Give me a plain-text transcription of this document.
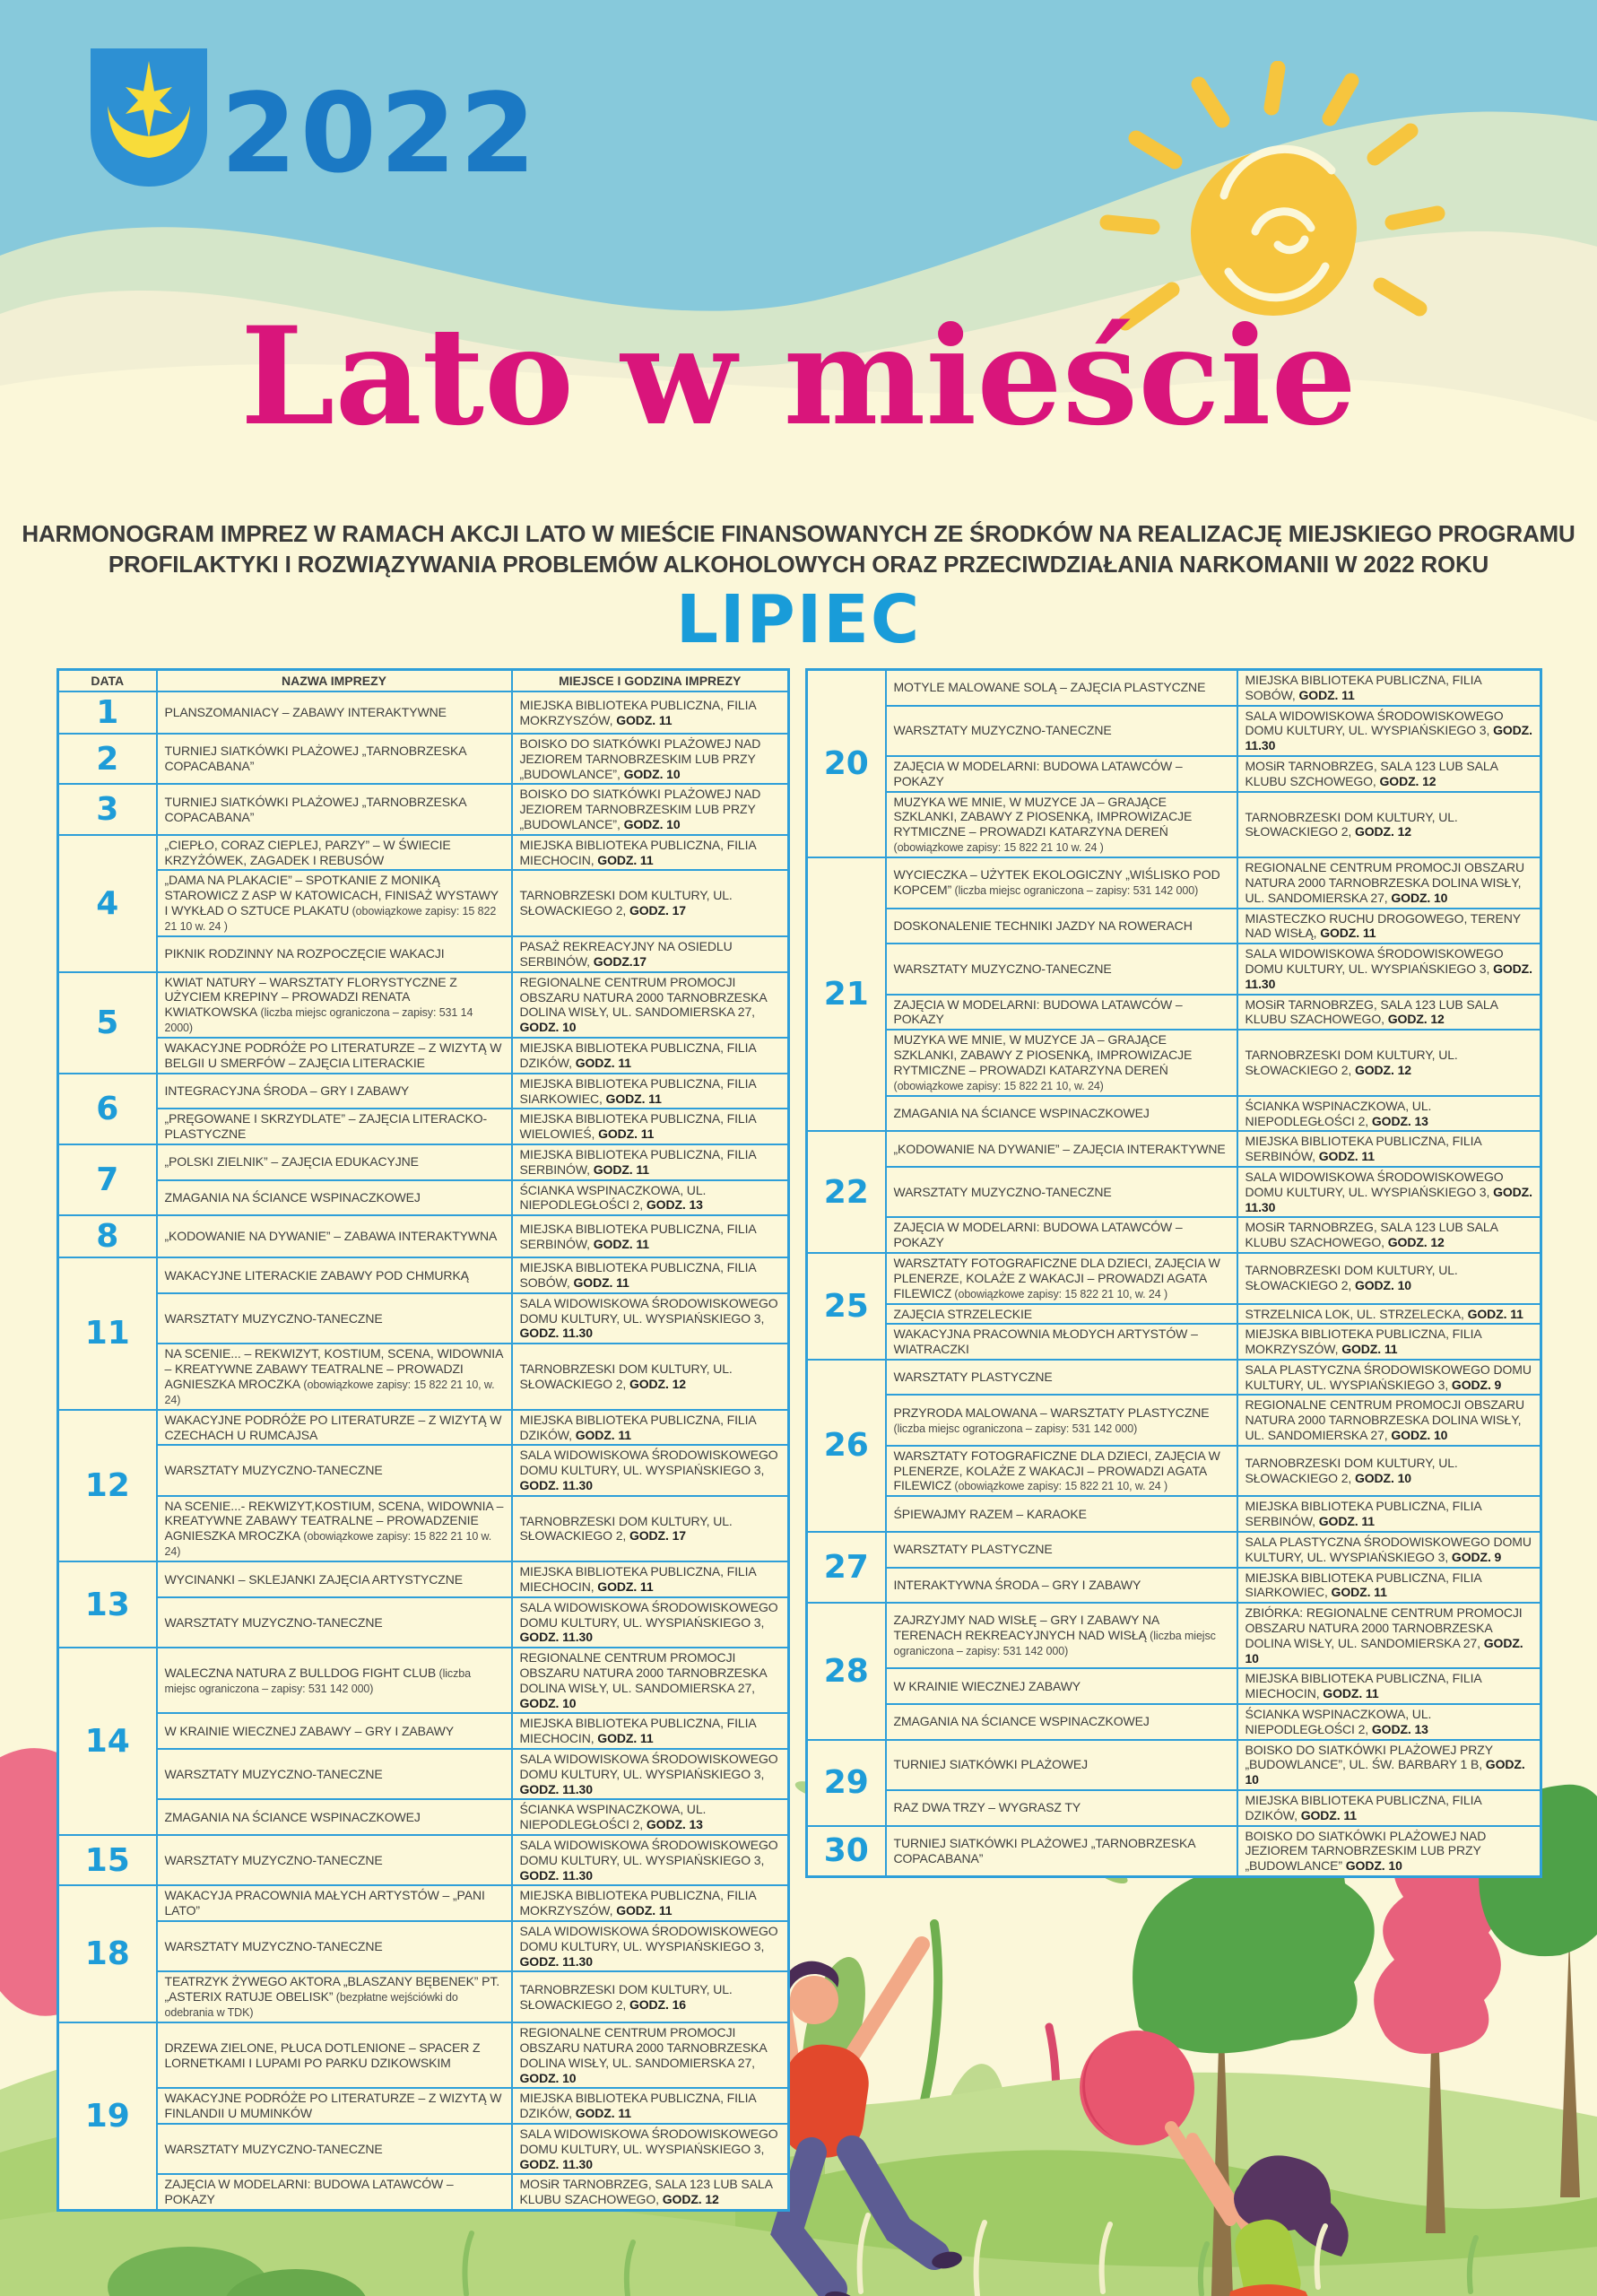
2022
Lato w mieście
HARMONOGRAM IMPREZ W RAMACH AKCJI LATO W MIEŚCIE FINANSOWANYCH ZE ŚRODKÓW NA REALIZACJĘ MIEJSKIEGO PROGRAMU
PROFILAKTYKI I ROZWIĄZYWANIA PROBLEMÓW ALKOHOLOWYCH ORAZ PRZECIWDZIAŁANIA NARKOMANII W 2022 ROKU
LIPIEC
DATA	NAZWA IMPREZY	MIEJSCE I GODZINA IMPREZY
1	PLANSZOMANIACY – ZABAWY INTERAKTYWNE	MIEJSKA BIBLIOTEKA PUBLICZNA, FILIA MOKRZYSZÓW, GODZ. 11
2	TURNIEJ SIATKÓWKI PLAŻOWEJ „TARNOBRZESKA COPACABANA”	BOISKO DO SIATKÓWKI PLAŻOWEJ NAD JEZIOREM TARNOBRZESKIM LUB PRZY „BUDOWLANCE”, GODZ. 10
3	TURNIEJ SIATKÓWKI PLAŻOWEJ „TARNOBRZESKA COPACABANA”	BOISKO DO SIATKÓWKI PLAŻOWEJ NAD JEZIOREM TARNOBRZESKIM LUB PRZY „BUDOWLANCE”, GODZ. 10
4	„CIEPŁO, CORAZ CIEPLEJ, PARZY” – W ŚWIECIE KRZYŻÓWEK, ZAGADEK I REBUSÓW	MIEJSKA BIBLIOTEKA PUBLICZNA, FILIA MIECHOCIN, GODZ. 11
	„DAMA NA PLAKACIE” – SPOTKANIE Z MONIKĄ STAROWICZ Z ASP W KATOWICACH, FINISAŻ WYSTAWY I WYKŁAD O SZTUCE PLAKATU (obowiązkowe zapisy: 15 822 21 10 w. 24 )	TARNOBRZESKI DOM KULTURY, UL. SŁOWACKIEGO 2, GODZ. 17
	PIKNIK RODZINNY NA ROZPOCZĘCIE WAKACJI	PASAŻ REKREACYJNY NA OSIEDLU SERBINÓW, GODZ.17
5	KWIAT NATURY – WARSZTATY FLORYSTYCZNE Z UŻYCIEM KREPINY – PROWADZI RENATA KWIATKOWSKA (liczba miejsc ograniczona – zapisy: 531 14 2000)	REGIONALNE CENTRUM PROMOCJI OBSZARU NATURA 2000 TARNOBRZESKA DOLINA WISŁY, UL. SANDOMIERSKA 27, GODZ. 10
	WAKACYJNE PODRÓŻE PO LITERATURZE – Z WIZYTĄ W BELGII U SMERFÓW – ZAJĘCIA LITERACKIE	MIEJSKA BIBLIOTEKA PUBLICZNA, FILIA DZIKÓW, GODZ. 11
6	INTEGRACYJNA ŚRODA – GRY I ZABAWY	MIEJSKA BIBLIOTEKA PUBLICZNA, FILIA SIARKOWIEC, GODZ. 11
	„PRĘGOWANE I SKRZYDLATE” – ZAJĘCIA LITERACKO-PLASTYCZNE	MIEJSKA BIBLIOTEKA PUBLICZNA, FILIA WIELOWIEŚ, GODZ. 11
7	„POLSKI ZIELNIK” – ZAJĘCIA EDUKACYJNE	MIEJSKA BIBLIOTEKA PUBLICZNA, FILIA SERBINÓW, GODZ. 11
	ZMAGANIA NA ŚCIANCE WSPINACZKOWEJ	ŚCIANKA WSPINACZKOWA, UL. NIEPODLEGŁOŚCI 2, GODZ. 13
8	„KODOWANIE NA DYWANIE” – ZABAWA INTERAKTYWNA	MIEJSKA BIBLIOTEKA PUBLICZNA, FILIA SERBINÓW, GODZ. 11
11	WAKACYJNE LITERACKIE ZABAWY POD CHMURKĄ	MIEJSKA BIBLIOTEKA PUBLICZNA, FILIA SOBÓW, GODZ. 11
	WARSZTATY MUZYCZNO-TANECZNE	SALA WIDOWISKOWA ŚRODOWISKOWEGO DOMU KULTURY, UL. WYSPIAŃSKIEGO 3, GODZ. 11.30
	NA SCENIE... – REKWIZYT, KOSTIUM, SCENA, WIDOWNIA – KREATYWNE ZABAWY TEATRALNE – PROWADZI AGNIESZKA MROCZKA (obowiązkowe zapisy: 15 822 21 10, w. 24)	TARNOBRZESKI DOM KULTURY, UL. SŁOWACKIEGO 2, GODZ. 12
12	WAKACYJNE PODRÓŻE PO LITERATURZE – Z WIZYTĄ W CZECHACH U RUMCAJSA	MIEJSKA BIBLIOTEKA PUBLICZNA, FILIA DZIKÓW, GODZ. 11
	WARSZTATY MUZYCZNO-TANECZNE	SALA WIDOWISKOWA ŚRODOWISKOWEGO DOMU KULTURY, UL. WYSPIAŃSKIEGO 3, GODZ. 11.30
	NA SCENIE...- REKWIZYT,KOSTIUM, SCENA, WIDOWNIA – KREATYWNE ZABAWY TEATRALNE – PROWADZENIE AGNIESZKA MROCZKA (obowiązkowe zapisy: 15 822 21 10 w. 24)	TARNOBRZESKI DOM KULTURY, UL. SŁOWACKIEGO 2, GODZ. 17
13	WYCINANKI – SKLEJANKI ZAJĘCIA ARTYSTYCZNE	MIEJSKA BIBLIOTEKA PUBLICZNA, FILIA MIECHOCIN, GODZ. 11
	WARSZTATY MUZYCZNO-TANECZNE	SALA WIDOWISKOWA ŚRODOWISKOWEGO DOMU KULTURY, UL. WYSPIAŃSKIEGO 3, GODZ. 11.30
14	WALECZNA NATURA Z BULLDOG FIGHT CLUB (liczba miejsc ograniczona – zapisy: 531 142 000)	REGIONALNE CENTRUM PROMOCJI OBSZARU NATURA 2000 TARNOBRZESKA DOLINA WISŁY, UL. SANDOMIERSKA 27, GODZ. 10
	W KRAINIE WIECZNEJ ZABAWY – GRY I ZABAWY	MIEJSKA BIBLIOTEKA PUBLICZNA, FILIA MIECHOCIN, GODZ. 11
	WARSZTATY MUZYCZNO-TANECZNE	SALA WIDOWISKOWA ŚRODOWISKOWEGO DOMU KULTURY, UL. WYSPIAŃSKIEGO 3, GODZ. 11.30
	ZMAGANIA NA ŚCIANCE WSPINACZKOWEJ	ŚCIANKA WSPINACZKOWA, UL. NIEPODLEGŁOŚCI 2, GODZ. 13
15	WARSZTATY MUZYCZNO-TANECZNE	SALA WIDOWISKOWA ŚRODOWISKOWEGO DOMU KULTURY, UL. WYSPIAŃSKIEGO 3, GODZ. 11.30
18	WAKACYJA PRACOWNIA MAŁYCH ARTYSTÓW – „PANI LATO”	MIEJSKA BIBLIOTEKA PUBLICZNA, FILIA MOKRZYSZÓW, GODZ. 11
	WARSZTATY MUZYCZNO-TANECZNE	SALA WIDOWISKOWA ŚRODOWISKOWEGO DOMU KULTURY, UL. WYSPIAŃSKIEGO 3, GODZ. 11.30
	TEATRZYK ŻYWEGO AKTORA „BLASZANY BĘBENEK” PT. „ASTERIX RATUJE OBELISK” (bezpłatne wejściówki do odebrania w TDK)	TARNOBRZESKI DOM KULTURY, UL. SŁOWACKIEGO 2, GODZ. 16
19	DRZEWA ZIELONE, PŁUCA DOTLENIONE – SPACER Z LORNETKAMI I LUPAMI PO PARKU DZIKOWSKIM	REGIONALNE CENTRUM PROMOCJI OBSZARU NATURA 2000 TARNOBRZESKA DOLINA WISŁY, UL. SANDOMIERSKA 27, GODZ. 10
	WAKACYJNE PODRÓŻE PO LITERATURZE – Z WIZYTĄ W FINLANDII U MUMINKÓW	MIEJSKA BIBLIOTEKA PUBLICZNA, FILIA DZIKÓW, GODZ. 11
	WARSZTATY MUZYCZNO-TANECZNE	SALA WIDOWISKOWA ŚRODOWISKOWEGO DOMU KULTURY, UL. WYSPIAŃSKIEGO 3, GODZ. 11.30
	ZAJĘCIA W MODELARNI: BUDOWA LATAWCÓW – POKAZY	MOSiR TARNOBRZEG, SALA 123 LUB SALA KLUBU SZACHOWEGO, GODZ. 12
20	MOTYLE MALOWANE SOLĄ – ZAJĘCIA PLASTYCZNE	MIEJSKA BIBLIOTEKA PUBLICZNA, FILIA SOBÓW, GODZ. 11
	WARSZTATY MUZYCZNO-TANECZNE	SALA WIDOWISKOWA ŚRODOWISKOWEGO DOMU KULTURY, UL. WYSPIAŃSKIEGO 3, GODZ. 11.30
	ZAJĘCIA W MODELARNI: BUDOWA LATAWCÓW – POKAZY	MOSiR TARNOBRZEG, SALA 123 LUB SALA KLUBU SZCHOWEGO, GODZ. 12
	MUZYKA WE MNIE, W MUZYCE JA – GRAJĄCE SZKLANKI, ZABAWY Z PIOSENKĄ, IMPROWIZACJE RYTMICZNE – PROWADZI KATARZYNA DEREŃ (obowiązkowe zapisy: 15 822 21 10 w. 24 )	TARNOBRZESKI DOM KULTURY, UL. SŁOWACKIEGO 2, GODZ. 12
21	WYCIECZKA – UŻYTEK EKOLOGICZNY „WIŚLISKO POD KOPCEM” (liczba miejsc ograniczona – zapisy: 531 142 000)	REGIONALNE CENTRUM PROMOCJI OBSZARU NATURA 2000 TARNOBRZESKA DOLINA WISŁY, UL. SANDOMIERSKA 27, GODZ. 10
	DOSKONALENIE TECHNIKI JAZDY NA ROWERACH	MIASTECZKO RUCHU DROGOWEGO, TERENY NAD WISŁĄ, GODZ. 11
	WARSZTATY MUZYCZNO-TANECZNE	SALA WIDOWISKOWA ŚRODOWISKOWEGO DOMU KULTURY, UL. WYSPIAŃSKIEGO 3, GODZ. 11.30
	ZAJĘCIA W MODELARNI: BUDOWA LATAWCÓW – POKAZY	MOSiR TARNOBRZEG, SALA 123 LUB SALA KLUBU SZACHOWEGO, GODZ. 12
	MUZYKA WE MNIE, W MUZYCE JA – GRAJĄCE SZKLANKI, ZABAWY Z PIOSENKĄ, IMPROWIZACJE RYTMICZNE – PROWADZI KATARZYNA DEREŃ (obowiązkowe zapisy: 15 822 21 10, w. 24)	TARNOBRZESKI DOM KULTURY, UL. SŁOWACKIEGO 2, GODZ. 12
	ZMAGANIA NA ŚCIANCE WSPINACZKOWEJ	ŚCIANKA WSPINACZKOWA, UL. NIEPODLEGŁOŚCI 2, GODZ. 13
22	„KODOWANIE NA DYWANIE” – ZAJĘCIA INTERAKTYWNE	MIEJSKA BIBLIOTEKA PUBLICZNA, FILIA SERBINÓW, GODZ. 11
	WARSZTATY MUZYCZNO-TANECZNE	SALA WIDOWISKOWA ŚRODOWISKOWEGO DOMU KULTURY, UL. WYSPIAŃSKIEGO 3, GODZ. 11.30
	ZAJĘCIA W MODELARNI: BUDOWA LATAWCÓW – POKAZY	MOSiR TARNOBRZEG, SALA 123 LUB SALA KLUBU SZACHOWEGO, GODZ. 12
25	WARSZTATY FOTOGRAFICZNE DLA DZIECI, ZAJĘCIA W PLENERZE, KOLAŻE Z WAKACJI – PROWADZI AGATA FILEWICZ (obowiązkowe zapisy: 15 822 21 10, w. 24 )	TARNOBRZESKI DOM KULTURY, UL. SŁOWACKIEGO 2, GODZ. 10
	ZAJĘCIA STRZELECKIE	STRZELNICA LOK, UL. STRZELECKA, GODZ. 11
	WAKACYJNA PRACOWNIA MŁODYCH ARTYSTÓW – WIATRACZKI	MIEJSKA BIBLIOTEKA PUBLICZNA, FILIA MOKRZYSZÓW, GODZ. 11
26	WARSZTATY PLASTYCZNE	SALA PLASTYCZNA ŚRODOWISKOWEGO DOMU KULTURY, UL. WYSPIAŃSKIEGO 3, GODZ. 9
	PRZYRODA MALOWANA – WARSZTATY PLASTYCZNE (liczba miejsc ograniczona – zapisy: 531 142 000)	REGIONALNE CENTRUM PROMOCJI OBSZARU NATURA 2000 TARNOBRZESKA DOLINA WISŁY, UL. SANDOMIERSKA 27, GODZ. 10
	WARSZTATY FOTOGRAFICZNE DLA DZIECI, ZAJĘCIA W PLENERZE, KOLAŻE Z WAKACJI – PROWADZI AGATA FILEWICZ (obowiązkowe zapisy: 15 822 21 10, w. 24 )	TARNOBRZESKI DOM KULTURY, UL. SŁOWACKIEGO 2, GODZ. 10
	ŚPIEWAJMY RAZEM – KARAOKE	MIEJSKA BIBLIOTEKA PUBLICZNA, FILIA SERBINÓW, GODZ. 11
27	WARSZTATY PLASTYCZNE	SALA PLASTYCZNA ŚRODOWISKOWEGO DOMU KULTURY, UL. WYSPIAŃSKIEGO 3, GODZ. 9
	INTERAKTYWNA ŚRODA – GRY I ZABAWY	MIEJSKA BIBLIOTEKA PUBLICZNA, FILIA SIARKOWIEC, GODZ. 11
28	ZAJRZYJMY NAD WISŁĘ – GRY I ZABAWY NA TERENACH REKREACYJNYCH NAD WISŁĄ (liczba miejsc ograniczona – zapisy: 531 142 000)	ZBIÓRKA: REGIONALNE CENTRUM PROMOCJI OBSZARU NATURA 2000 TARNOBRZESKA DOLINA WISŁY, UL. SANDOMIERSKA 27, GODZ. 10
	W KRAINIE WIECZNEJ ZABAWY	MIEJSKA BIBLIOTEKA PUBLICZNA, FILIA MIECHOCIN, GODZ. 11
	ZMAGANIA NA ŚCIANCE WSPINACZKOWEJ	ŚCIANKA WSPINACZKOWA, UL. NIEPODLEGŁOŚCI 2, GODZ. 13
29	TURNIEJ SIATKÓWKI PLAŻOWEJ	BOISKO DO SIATKÓWKI PLAŻOWEJ PRZY „BUDOWLANCE”, UL. ŚW. BARBARY 1 B, GODZ. 10
	RAZ DWA TRZY – WYGRASZ TY	MIEJSKA BIBLIOTEKA PUBLICZNA, FILIA DZIKÓW, GODZ. 11
30	TURNIEJ SIATKÓWKI PLAŻOWEJ „TARNOBRZESKA COPACABANA”	BOISKO DO SIATKÓWKI PLAŻOWEJ NAD JEZIOREM TARNOBRZESKIM LUB PRZY „BUDOWLANCE” GODZ. 10
